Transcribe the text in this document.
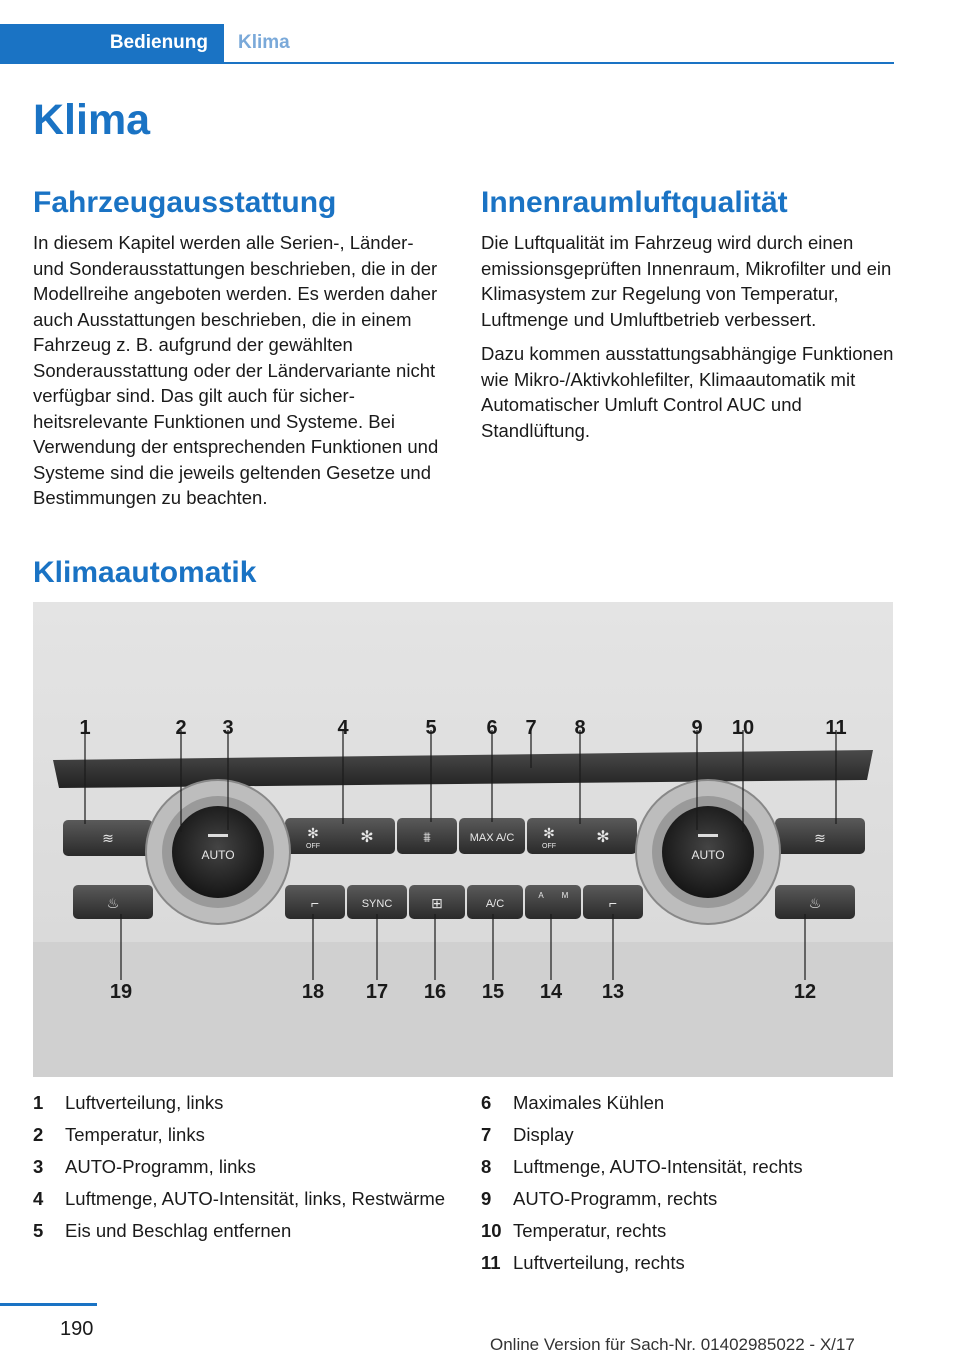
Bedienung	Klima
Klima
Fahrzeugausstattung

In diesem Kapitel werden alle Serien-, Länder- und Sonderausstattungen beschrieben, die in der Modellreihe angeboten werden. Es werden daher auch Ausstattungen beschrieben, die in einem Fahrzeug z. B. aufgrund der gewählten Sonderausstattung oder der Ländervariante nicht verfügbar sind. Das gilt auch für sicherheitsrelevante Funktionen und Systeme. Bei Verwendung der entsprechenden Funktionen und Systeme sind die jeweils geltenden Gesetze und Bestimmungen zu beachten.

Innenraumluftqualität

Die Luftqualität im Fahrzeug wird durch einen emissionsgeprüften Innenraum, Mikrofilter und ein Klimasystem zur Regelung von Temperatur, Luftmenge und Umluftbetrieb verbessert.

Dazu kommen ausstattungsabhängige Funktionen wie Mikro-/Aktivkohlefilter, Klimaautomatik mit Automatischer Umluft Control AUC und Standlüftung.

Klimaautomatik
AUTO	AUTO
MAX A/C
OFF	OFF
SYNC	A/C
A M
✻	✻	✻	✻
⩩
⊞
≋	≋
♨	♨
⌐	⌐
1	2 3	4	5 6 7 8	9 10	11
19	18 17 16 15 14 13	12
1	Luftverteilung, links
2	Temperatur, links
3	AUTO-Programm, links
4	Luftmenge, AUTO-Intensität, links, Restwärme
5	Eis und Beschlag entfernen
6	Maximales Kühlen
7	Display
8	Luftmenge, AUTO-Intensität, rechts
9	AUTO-Programm, rechts
10 Temperatur, rechts
11 Luftverteilung, rechts
190
Online Version für Sach-Nr. 01402985022 - X/17
